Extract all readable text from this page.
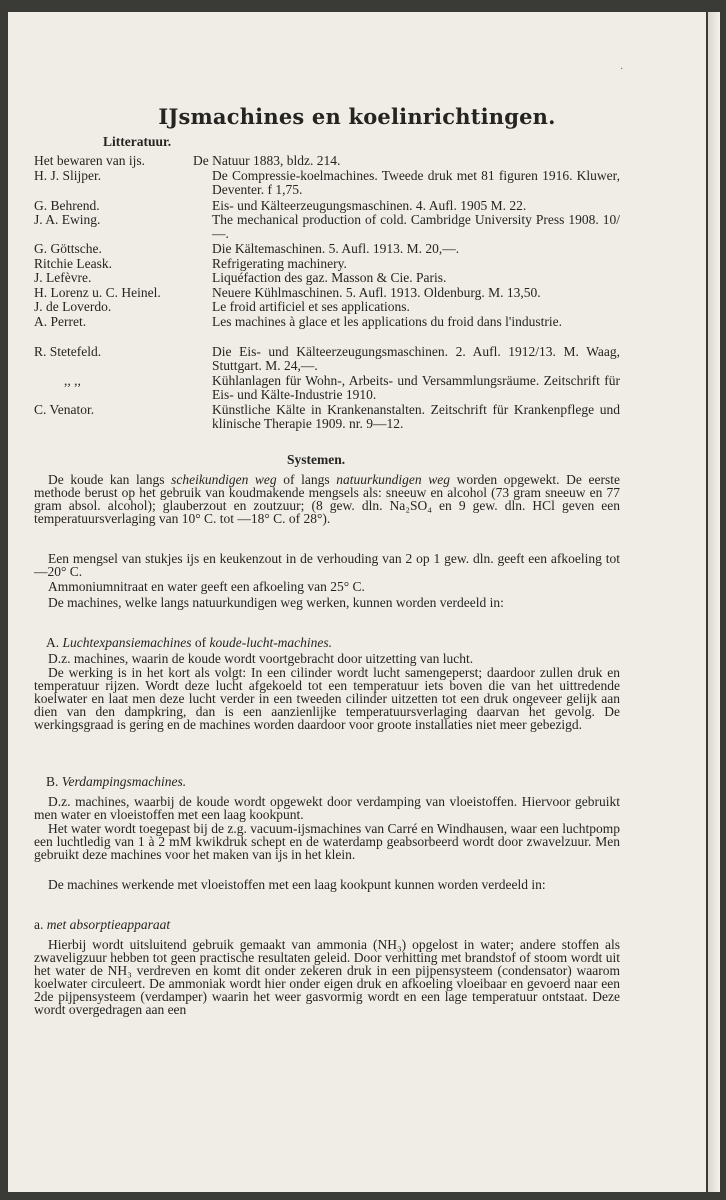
IJsmachines en koelinrichtingen.
Litteratuur.
Het bewaren van ijs.	De Natuur 1883, bldz. 214.
H. J. Slijper.	De Compressie-koelmachines. Tweede druk met 81 figuren 1916. Kluwer, Deventer. f 1,75.
G. Behrend.	Eis- und Kälteerzeugungsmaschinen. 4. Aufl. 1905 M. 22.
J. A. Ewing.	The mechanical production of cold. Cambridge University Press 1908. 10/—.
G. Göttsche.	Die Kältemaschinen. 5. Aufl. 1913. M. 20,—.
Ritchie Leask.	Refrigerating machinery.
J. Lefèvre.	Liquéfaction des gaz. Masson & Cie. Paris.
H. Lorenz u. C. Heinel.	Neuere Kühlmaschinen. 5. Aufl. 1913. Oldenburg. M. 13,50.
J. de Loverdo.	Le froid artificiel et ses applications.
A. Perret.	Les machines à glace et les applications du froid dans l'industrie.
R. Stetefeld.	Die Eis- und Kälteerzeugungsmaschinen. 2. Aufl. 1912/13. M. Waag, Stuttgart. M. 24,—.
,, ,,	Kühlanlagen für Wohn-, Arbeits- und Versammlungsräume. Zeitschrift für Eis- und Kälte-Industrie 1910.
C. Venator.	Künstliche Kälte in Krankenanstalten. Zeitschrift für Krankenpflege und klinische Therapie 1909. nr. 9—12.
Systemen.
De koude kan langs scheikundigen weg of langs natuurkundigen weg worden opgewekt. De eerste methode berust op het gebruik van koudmakende mengsels als: sneeuw en alcohol (73 gram sneeuw en 77 gram absol. alcohol); glauberzout en zoutzuur; (8 gew. dln. Na₂SO₄ en 9 gew. dln. HCl geven een temperatuursverlaging van 10° C. tot —18° C. of 28°).
Een mengsel van stukjes ijs en keukenzout in de verhouding van 2 op 1 gew. dln. geeft een afkoeling tot —20° C.
Ammoniumnitraat en water geeft een afkoeling van 25° C.
De machines, welke langs natuurkundigen weg werken, kunnen worden verdeeld in:
A. Luchtexpansiemachines of koude-lucht-machines.
D.z. machines, waarin de koude wordt voortgebracht door uitzetting van lucht.
De werking is in het kort als volgt: In een cilinder wordt lucht samengeperst; daardoor zullen druk en temperatuur rijzen. Wordt deze lucht afgekoeld tot een temperatuur iets boven die van het uittredende koelwater en laat men deze lucht verder in een tweeden cilinder uitzetten tot een druk ongeveer gelijk aan dien van den dampkring, dan is een aanzienlijke temperatuursverlaging daarvan het gevolg. De werkingsgraad is gering en de machines worden daardoor voor groote installaties niet meer gebezigd.
B. Verdampingsmachines.
D.z. machines, waarbij de koude wordt opgewekt door verdamping van vloeistoffen. Hiervoor gebruikt men water en vloeistoffen met een laag kookpunt.
Het water wordt toegepast bij de z.g. vacuum-ijsmachines van Carré en Windhausen, waar een luchtpomp een luchtledig van 1 à 2 mM kwikdruk schept en de waterdamp geabsorbeerd wordt door zwavelzuur. Men gebruikt deze machines voor het maken van ijs in het klein.
De machines werkende met vloeistoffen met een laag kookpunt kunnen worden verdeeld in:
a. met absorptieapparaat
Hierbij wordt uitsluitend gebruik gemaakt van ammonia (NH₃) opgelost in water; andere stoffen als zwaveligzuur hebben tot geen practische resultaten geleid. Door verhitting met brandstof of stoom wordt uit het water de NH₃ verdreven en komt dit onder zekeren druk in een pijpensysteem (condensator) waarom koelwater circuleert. De ammoniak wordt hier onder eigen druk en afkoeling vloeibaar en gevoerd naar een 2de pijpensysteem (verdamper) waarin het weer gasvormig wordt en een lage temperatuur ontstaat. Deze wordt overgedragen aan een
·
